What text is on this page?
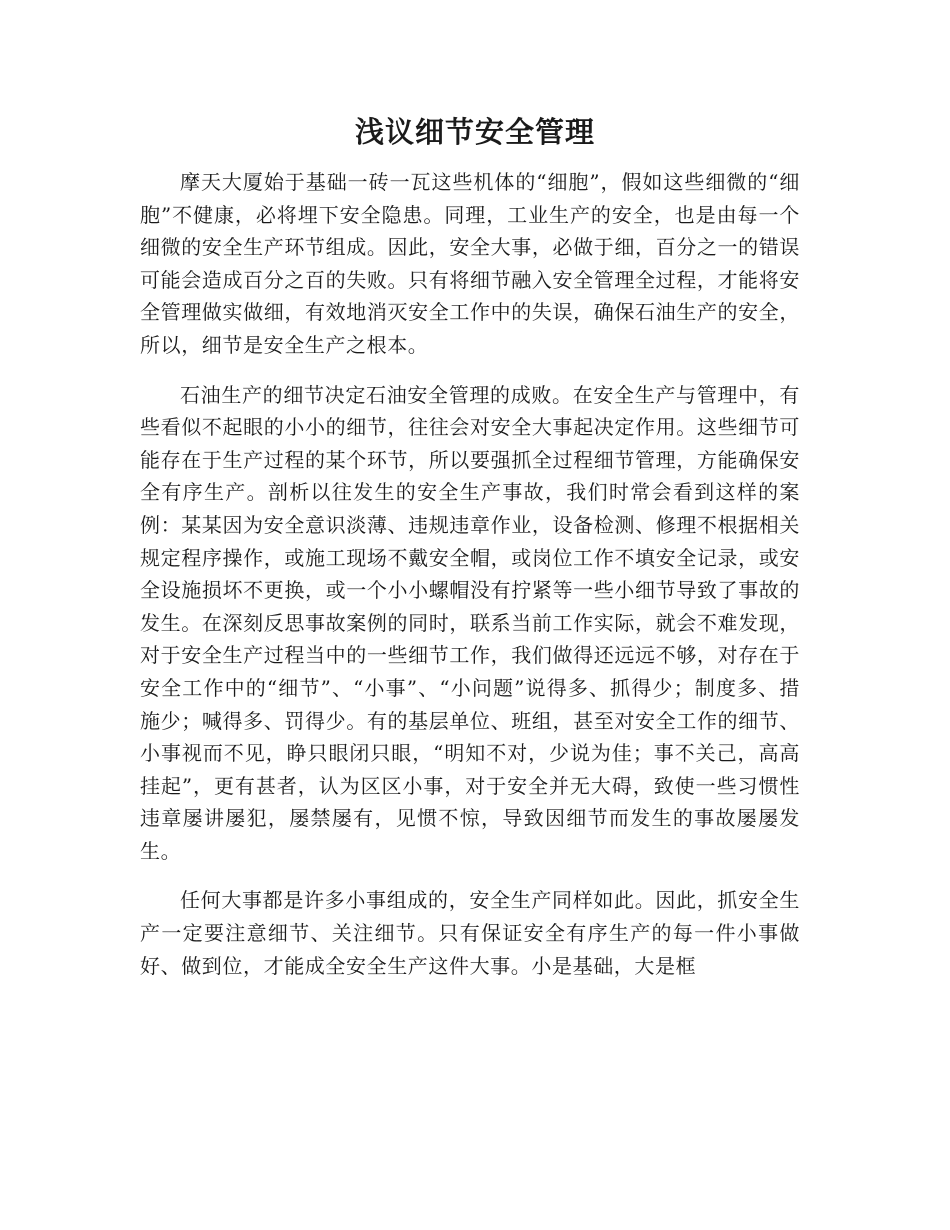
浅议细节安全管理

摩天大厦始于基础一砖一瓦这些机体的“细胞”，假如这些细微的“细胞”不健康，必将埋下安全隐患。同理，工业生产的安全，也是由每一个细微的安全生产环节组成。因此，安全大事，必做于细，百分之一的错误可能会造成百分之百的失败。只有将细节融入安全管理全过程，才能将安全管理做实做细，有效地消灭安全工作中的失误，确保石油生产的安全，所以，细节是安全生产之根本。

石油生产的细节决定石油安全管理的成败。在安全生产与管理中，有些看似不起眼的小小的细节，往往会对安全大事起决定作用。这些细节可能存在于生产过程的某个环节，所以要强抓全过程细节管理，方能确保安全有序生产。剖析以往发生的安全生产事故，我们时常会看到这样的案例：某某因为安全意识淡薄、违规违章作业，设备检测、修理不根据相关规定程序操作，或施工现场不戴安全帽，或岗位工作不填安全记录，或安全设施损坏不更换，或一个小小螺帽没有拧紧等一些小细节导致了事故的发生。在深刻反思事故案例的同时，联系当前工作实际，就会不难发现，对于安全生产过程当中的一些细节工作，我们做得还远远不够，对存在于安全工作中的“细节”、“小事”、“小问题”说得多、抓得少；制度多、措施少；喊得多、罚得少。有的基层单位、班组，甚至对安全工作的细节、小事视而不见，睁只眼闭只眼，“明知不对，少说为佳；事不关己，高高挂起”，更有甚者，认为区区小事，对于安全并无大碍，致使一些习惯性违章屡讲屡犯，屡禁屡有，见惯不惊，导致因细节而发生的事故屡屡发生。

任何大事都是许多小事组成的，安全生产同样如此。因此，抓安全生产一定要注意细节、关注细节。只有保证安全有序生产的每一件小事做好、做到位，才能成全安全生产这件大事。小是基础，大是框
